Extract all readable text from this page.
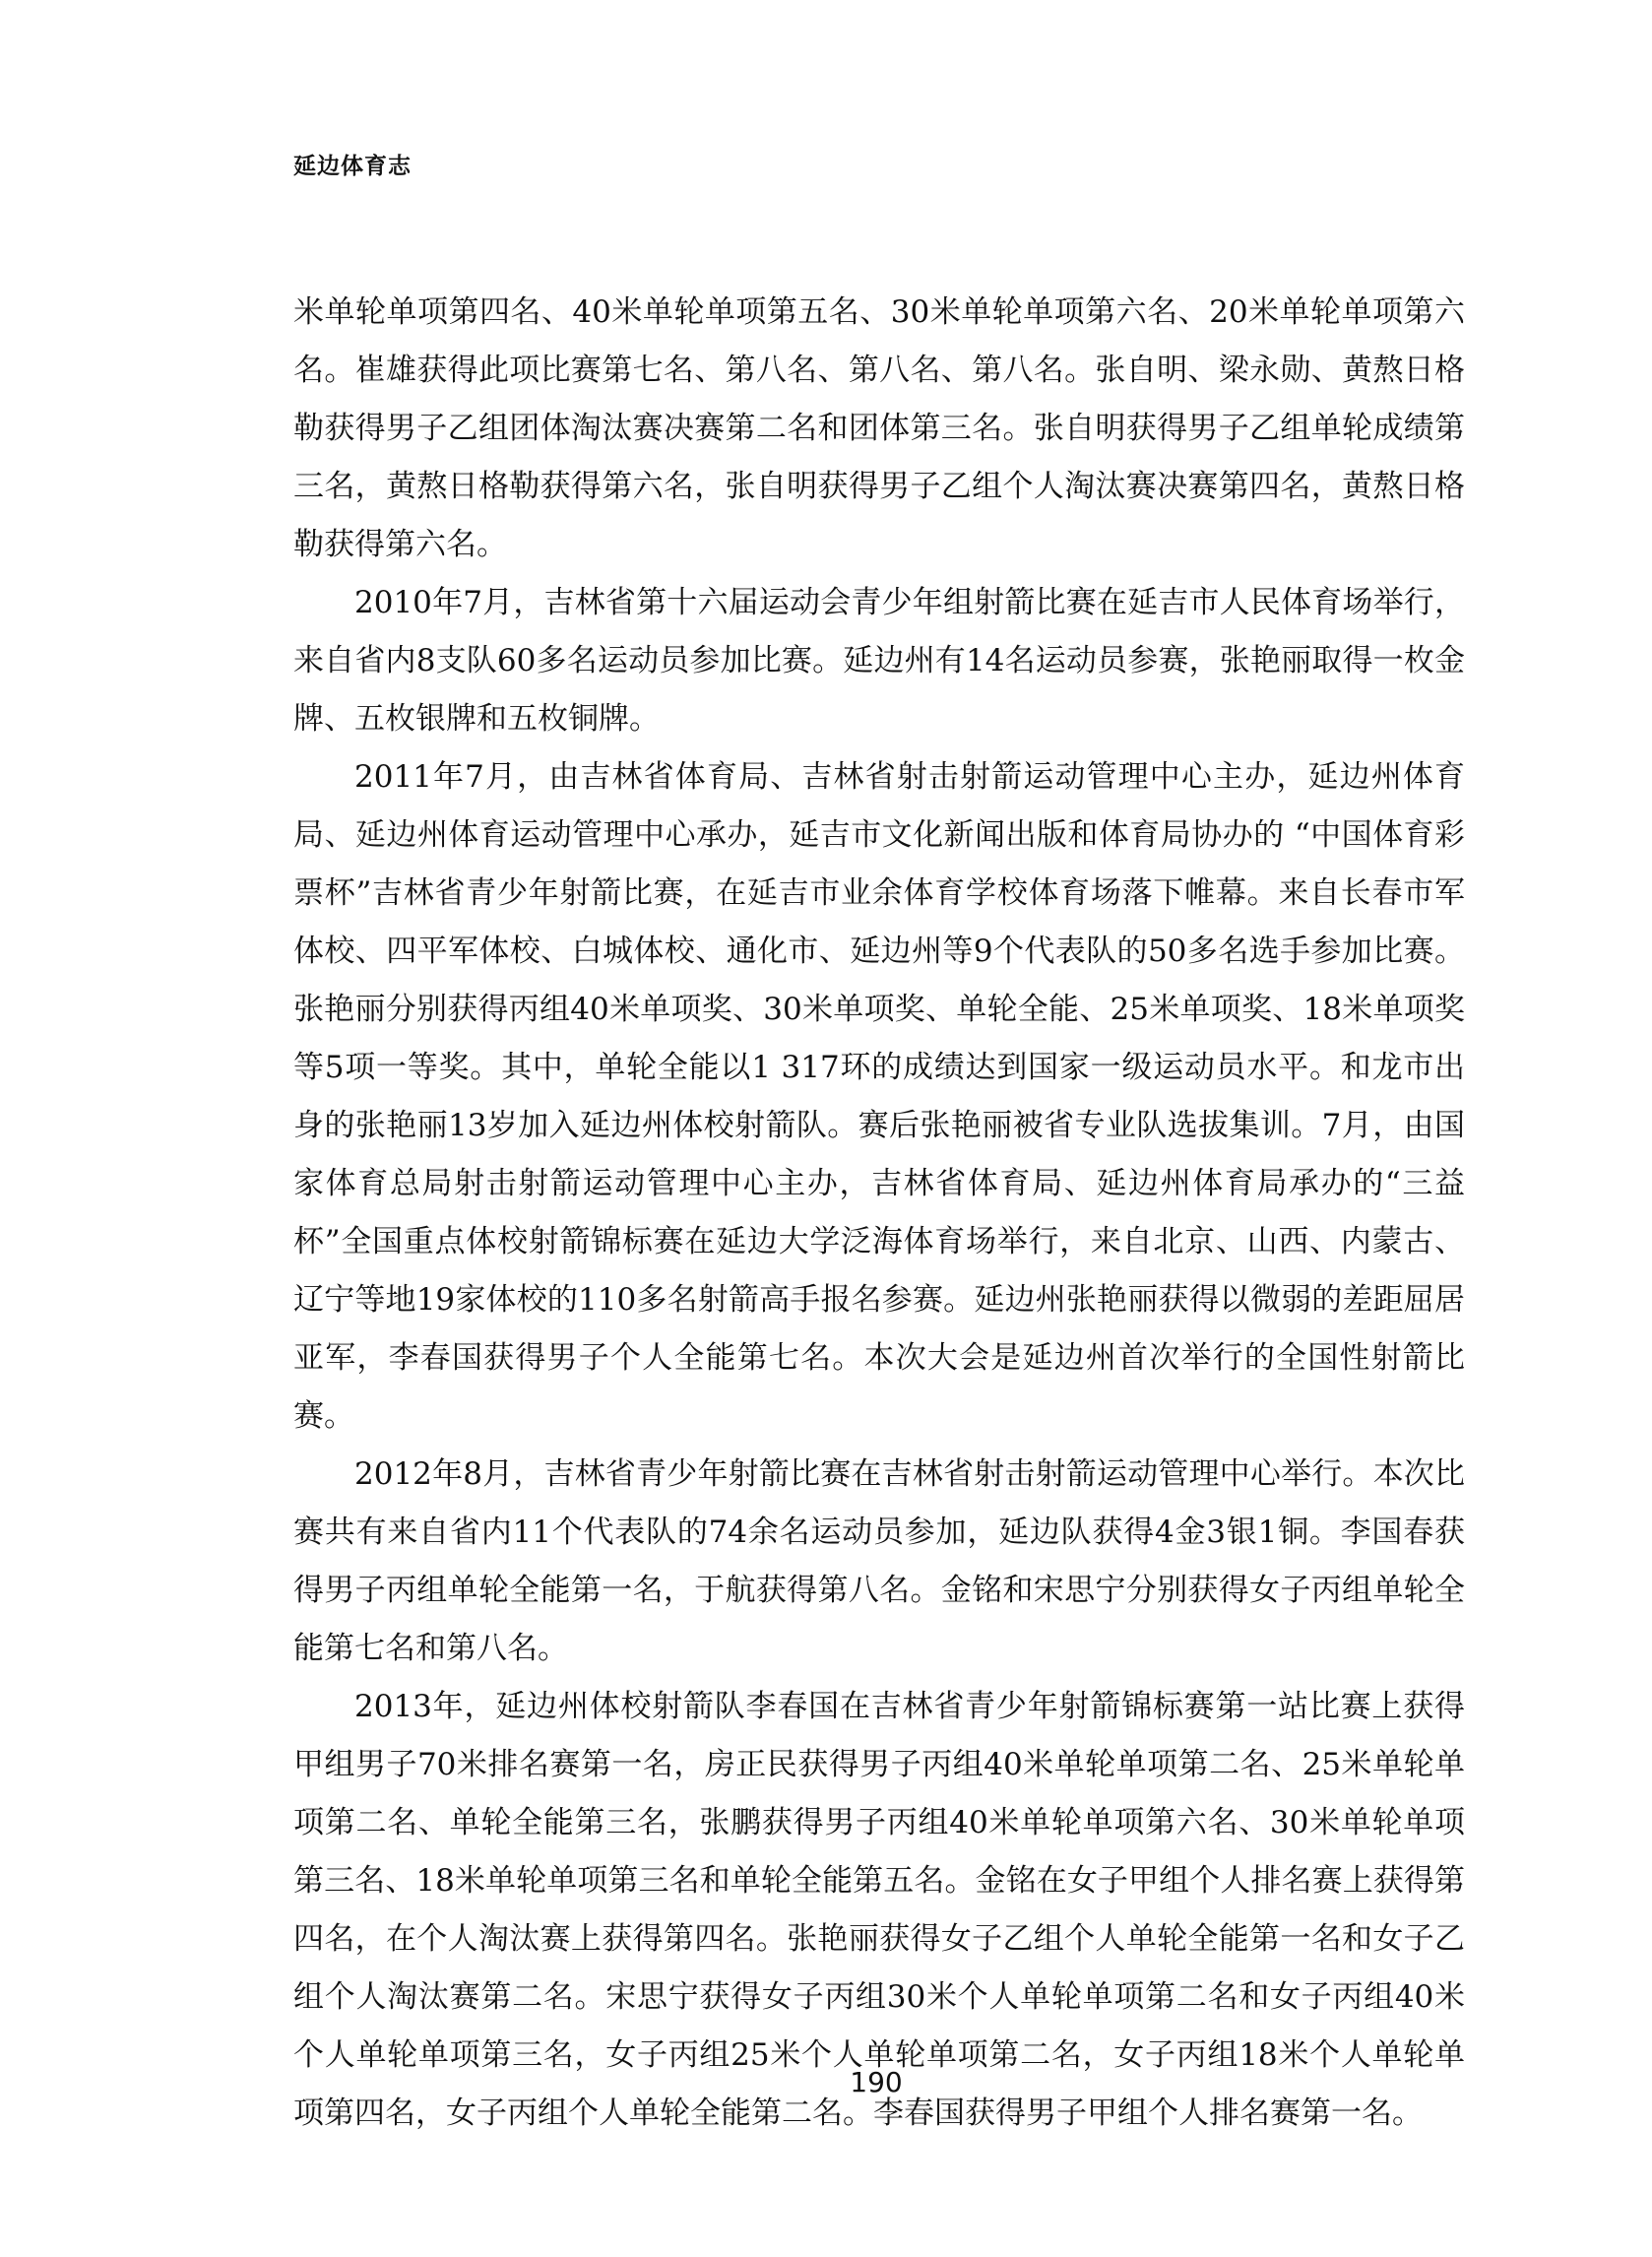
延边体育志

米单轮单项第四名、40米单轮单项第五名、30米单轮单项第六名、20米单轮单项第六名。崔雄获得此项比赛第七名、第八名、第八名、第八名。张自明、梁永勋、黄熬日格勒获得男子乙组团体淘汰赛决赛第二名和团体第三名。张自明获得男子乙组单轮成绩第三名，黄熬日格勒获得第六名，张自明获得男子乙组个人淘汰赛决赛第四名，黄熬日格勒获得第六名。

2010年7月，吉林省第十六届运动会青少年组射箭比赛在延吉市人民体育场举行，来自省内8支队60多名运动员参加比赛。延边州有14名运动员参赛，张艳丽取得一枚金牌、五枚银牌和五枚铜牌。

2011年7月，由吉林省体育局、吉林省射击射箭运动管理中心主办，延边州体育局、延边州体育运动管理中心承办，延吉市文化新闻出版和体育局协办的 “中国体育彩票杯”吉林省青少年射箭比赛，在延吉市业余体育学校体育场落下帷幕。来自长春市军体校、四平军体校、白城体校、通化市、延边州等9个代表队的50多名选手参加比赛。张艳丽分别获得丙组40米单项奖、30米单项奖、单轮全能、25米单项奖、18米单项奖等5项一等奖。其中，单轮全能以1 317环的成绩达到国家一级运动员水平。和龙市出身的张艳丽13岁加入延边州体校射箭队。赛后张艳丽被省专业队选拔集训。7月，由国家体育总局射击射箭运动管理中心主办，吉林省体育局、延边州体育局承办的“三益杯”全国重点体校射箭锦标赛在延边大学泛海体育场举行，来自北京、山西、内蒙古、辽宁等地19家体校的110多名射箭高手报名参赛。延边州张艳丽获得以微弱的差距屈居亚军，李春国获得男子个人全能第七名。本次大会是延边州首次举行的全国性射箭比赛。

2012年8月，吉林省青少年射箭比赛在吉林省射击射箭运动管理中心举行。本次比赛共有来自省内11个代表队的74余名运动员参加，延边队获得4金3银1铜。李国春获得男子丙组单轮全能第一名，于航获得第八名。金铭和宋思宁分别获得女子丙组单轮全能第七名和第八名。

2013年，延边州体校射箭队李春国在吉林省青少年射箭锦标赛第一站比赛上获得甲组男子70米排名赛第一名，房正民获得男子丙组40米单轮单项第二名、25米单轮单项第二名、单轮全能第三名，张鹏获得男子丙组40米单轮单项第六名、30米单轮单项第三名、18米单轮单项第三名和单轮全能第五名。金铭在女子甲组个人排名赛上获得第四名，在个人淘汰赛上获得第四名。张艳丽获得女子乙组个人单轮全能第一名和女子乙组个人淘汰赛第二名。宋思宁获得女子丙组30米个人单轮单项第二名和女子丙组40米个人单轮单项第三名，女子丙组25米个人单轮单项第二名，女子丙组18米个人单轮单项第四名，女子丙组个人单轮全能第二名。李春国获得男子甲组个人排名赛第一名。

190
